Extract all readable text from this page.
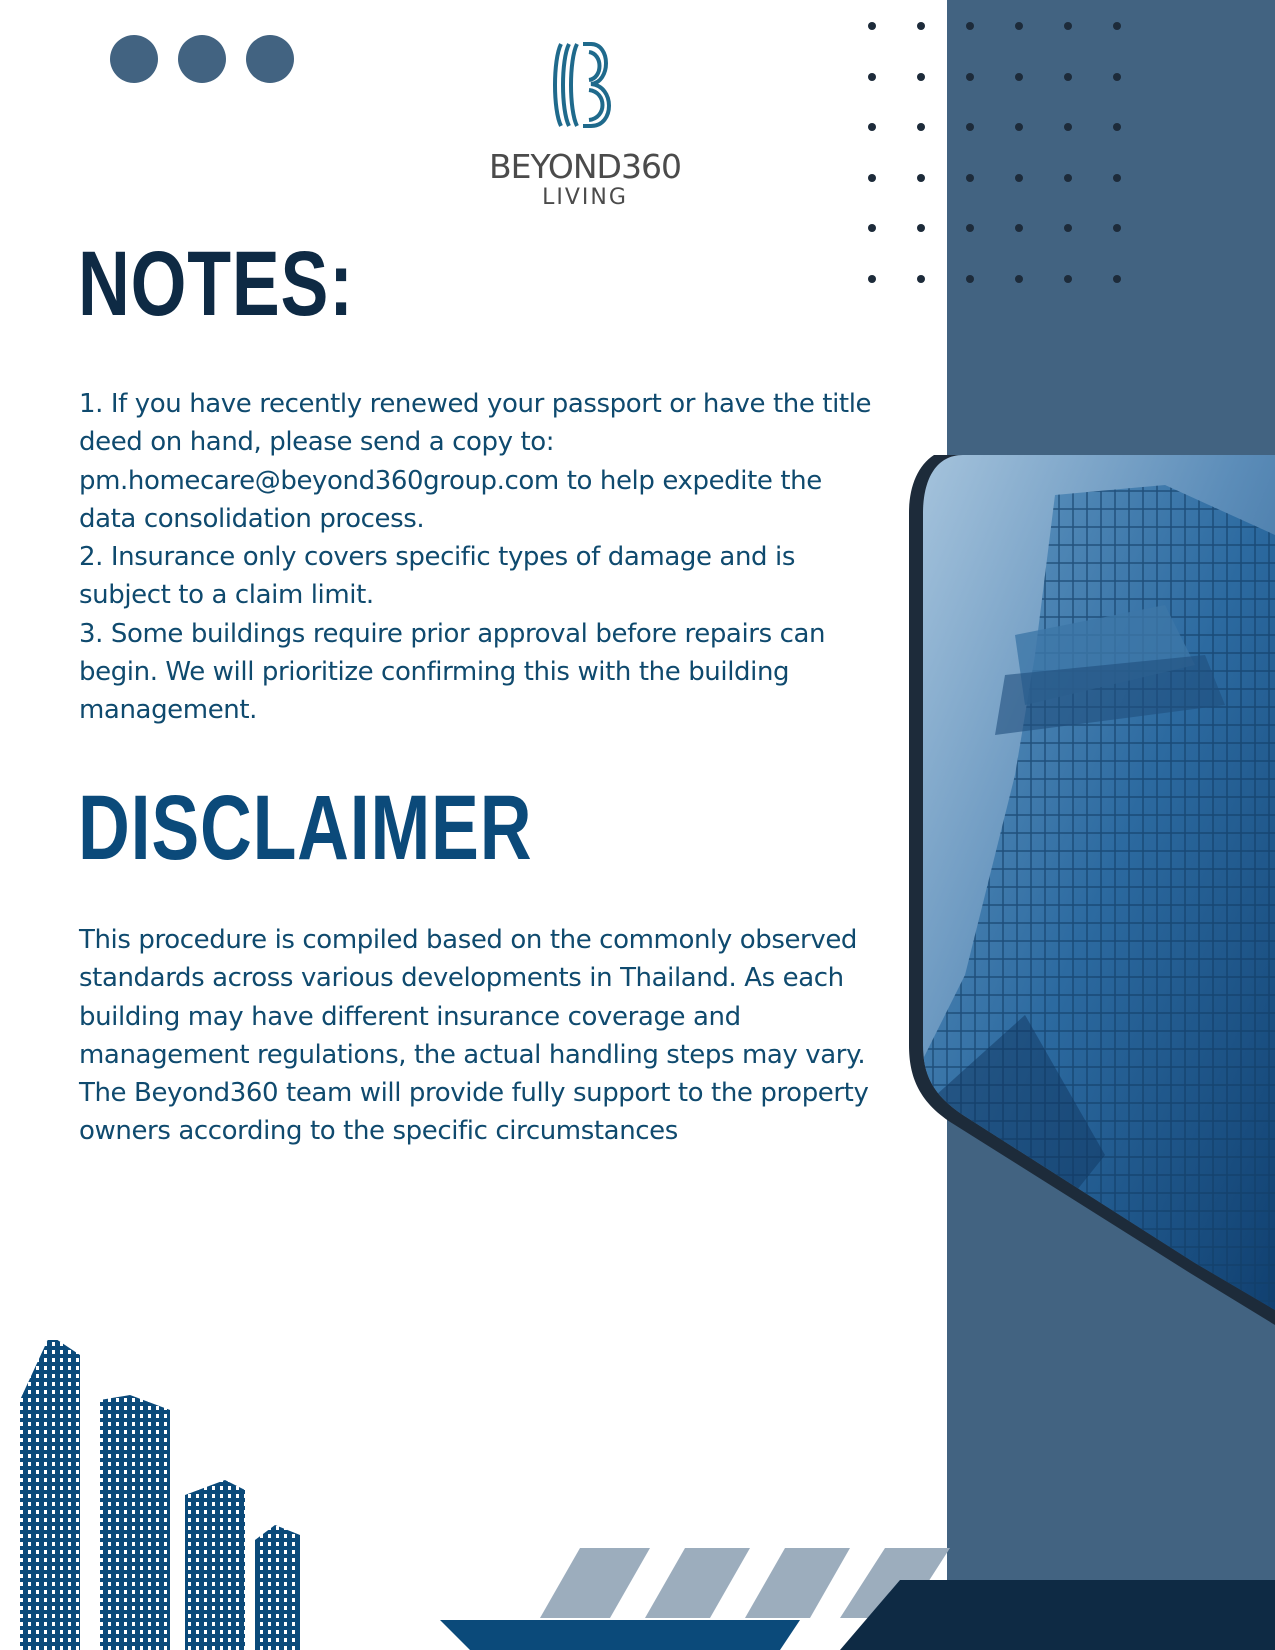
BEYOND360
LIVING
NOTES:

1. If you have recently renewed your passport or have the title deed on hand, please send a copy to: pm.homecare@beyond360group.com to help expedite the data consolidation process.

2. Insurance only covers specific types of damage and is subject to a claim limit.

3. Some buildings require prior approval before repairs can begin. We will prioritize confirming this with the building management.

DISCLAIMER

This procedure is compiled based on the commonly observed standards across various developments in Thailand. As each building may have different insurance coverage and management regulations, the actual handling steps may vary. The Beyond360 team will provide fully support to the property owners according to the specific circumstances
